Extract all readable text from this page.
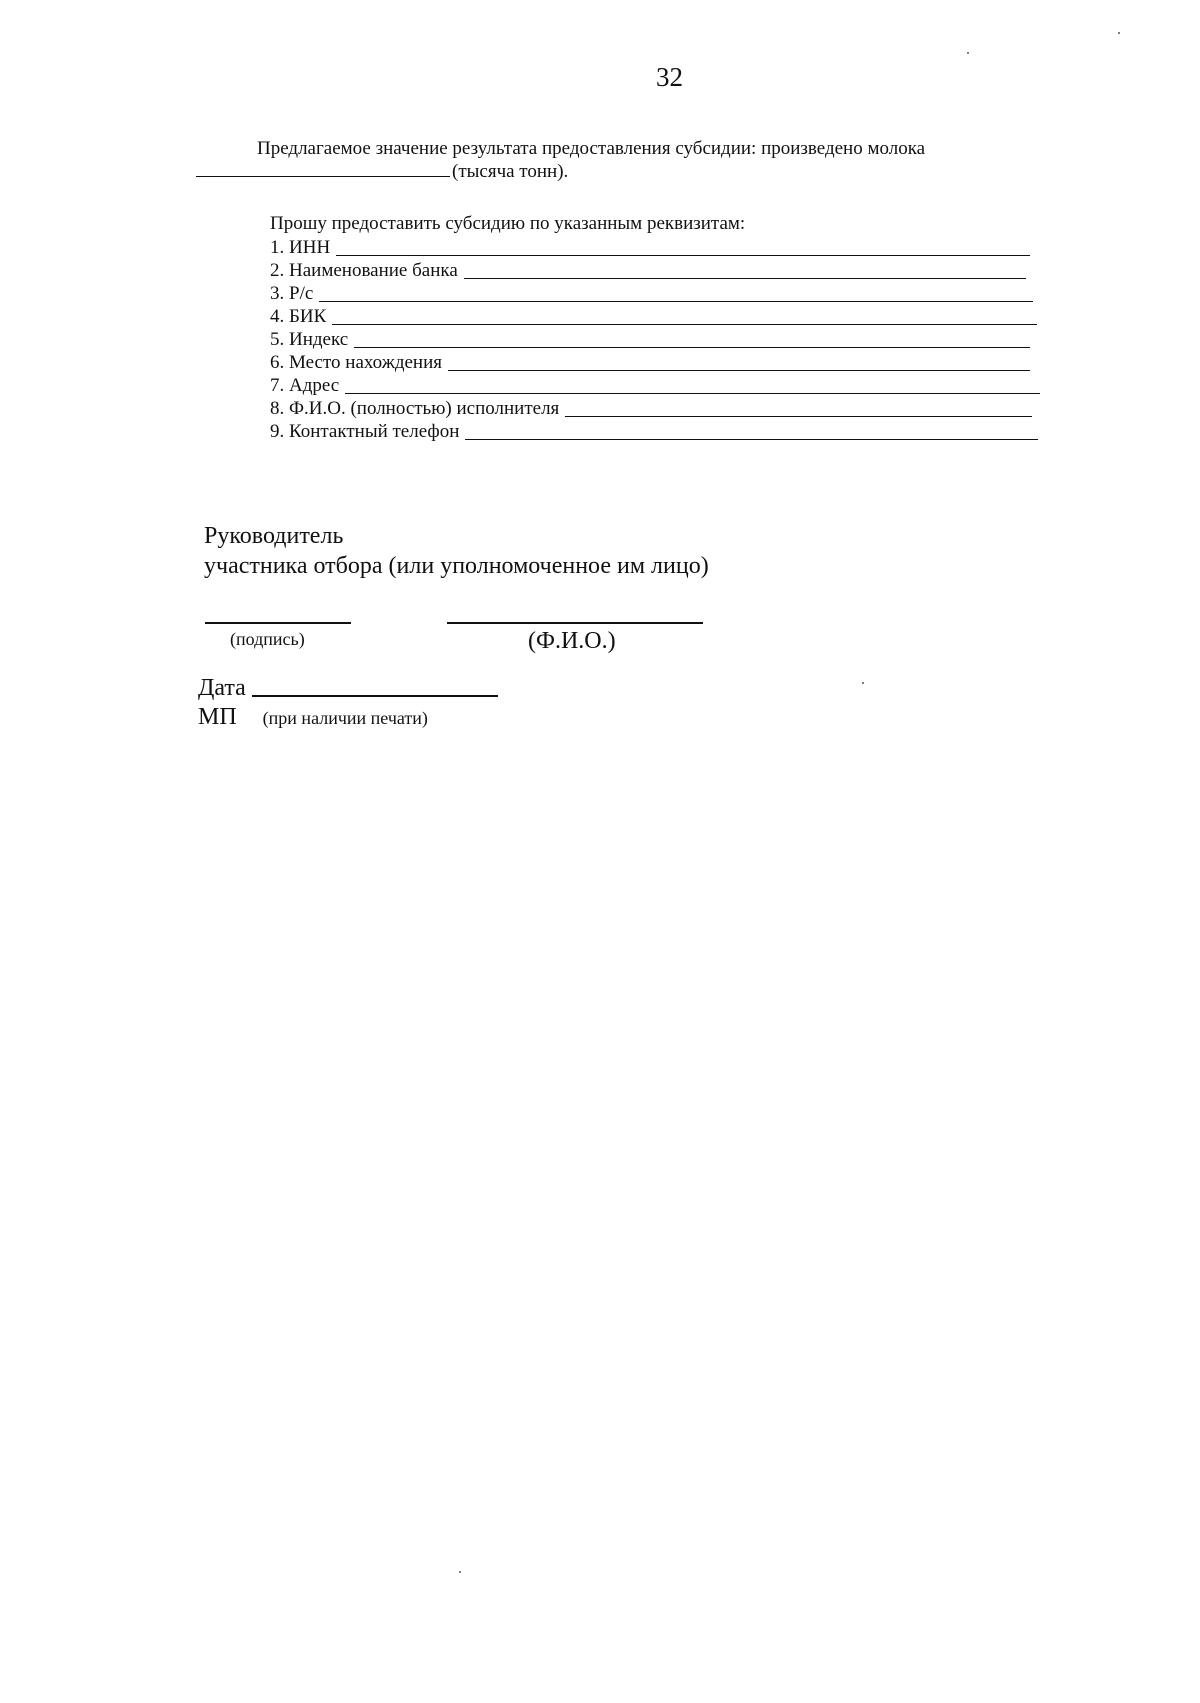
32
Предлагаемое значение результата предоставления субсидии: произведено молока
(тысяча тонн).
Прошу предоставить субсидию по указанным реквизитам:
1. ИНН
2. Наименование банка
3. Р/с
4. БИК
5. Индекс
6. Место нахождения
7. Адрес
8. Ф.И.О. (полностью) исполнителя
9. Контактный телефон
Руководитель
участника отбора (или уполномоченное им лицо)
(подпись)	(Ф.И.О.)
Дата
МП (при наличии печати)
